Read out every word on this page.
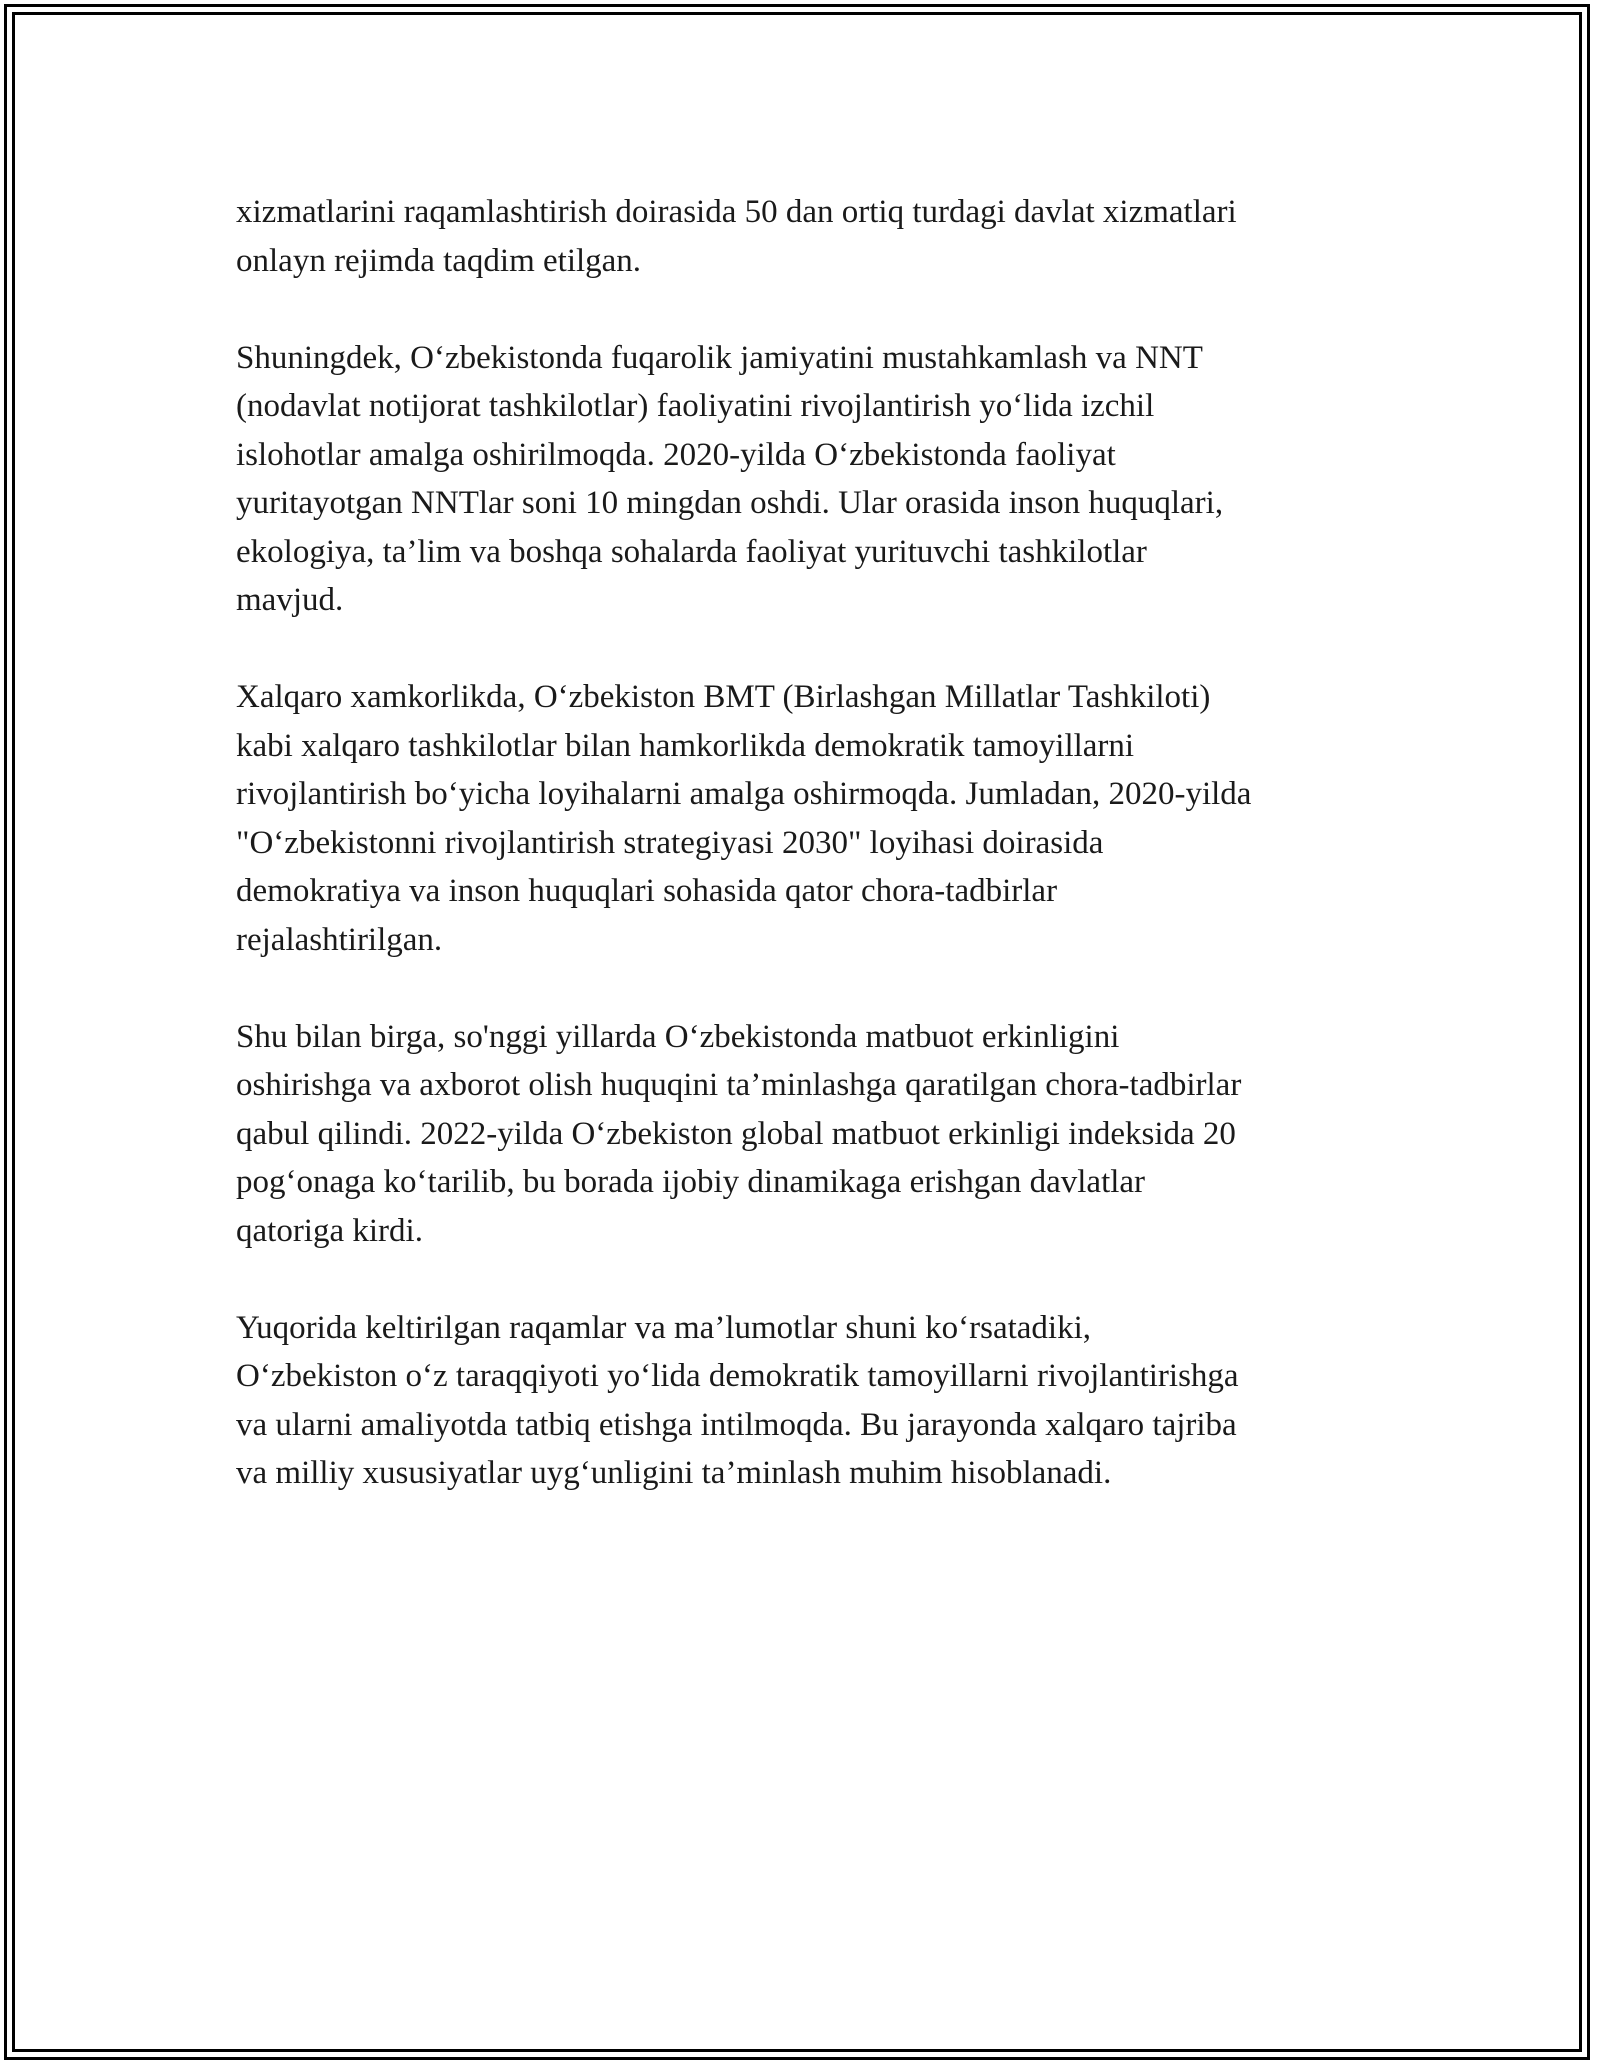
xizmatlarini raqamlashtirish doirasida 50 dan ortiq turdagi davlat xizmatlari
onlayn rejimda taqdim etilgan.

Shuningdek, O‘zbekistonda fuqarolik jamiyatini mustahkamlash va NNT
(nodavlat notijorat tashkilotlar) faoliyatini rivojlantirish yo‘lida izchil
islohotlar amalga oshirilmoqda. 2020-yilda O‘zbekistonda faoliyat
yuritayotgan NNTlar soni 10 mingdan oshdi. Ular orasida inson huquqlari,
ekologiya, ta’lim va boshqa sohalarda faoliyat yurituvchi tashkilotlar
mavjud.

Xalqaro xamkorlikda, O‘zbekiston BMT (Birlashgan Millatlar Tashkiloti)
kabi xalqaro tashkilotlar bilan hamkorlikda demokratik tamoyillarni
rivojlantirish bo‘yicha loyihalarni amalga oshirmoqda. Jumladan, 2020-yilda
"O‘zbekistonni rivojlantirish strategiyasi 2030" loyihasi doirasida
demokratiya va inson huquqlari sohasida qator chora-tadbirlar
rejalashtirilgan.

Shu bilan birga, so'nggi yillarda O‘zbekistonda matbuot erkinligini
oshirishga va axborot olish huquqini ta’minlashga qaratilgan chora-tadbirlar
qabul qilindi. 2022-yilda O‘zbekiston global matbuot erkinligi indeksida 20
pog‘onaga ko‘tarilib, bu borada ijobiy dinamikaga erishgan davlatlar
qatoriga kirdi.

Yuqorida keltirilgan raqamlar va ma’lumotlar shuni ko‘rsatadiki,
O‘zbekiston o‘z taraqqiyoti yo‘lida demokratik tamoyillarni rivojlantirishga
va ularni amaliyotda tatbiq etishga intilmoqda. Bu jarayonda xalqaro tajriba
va milliy xususiyatlar uyg‘unligini ta’minlash muhim hisoblanadi.
